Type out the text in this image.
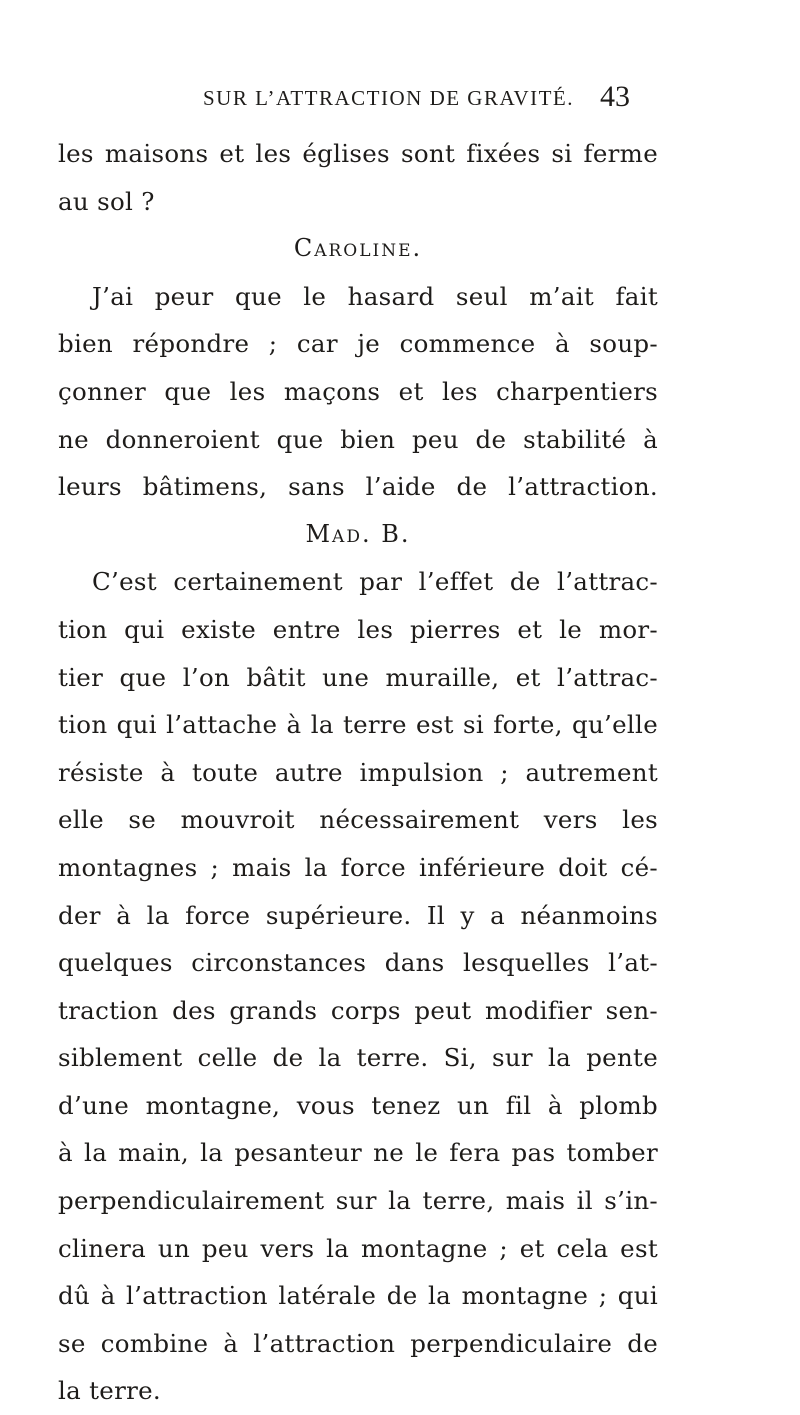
SUR L’ATTRACTION DE GRAVITÉ. 43
les maisons et les églises sont fixées si ferme
au sol ?
Caroline.
J’ai peur que le hasard seul m’ait fait
bien répondre ; car je commence à soup-
çonner que les maçons et les charpentiers
ne donneroient que bien peu de stabilité à
leurs bâtimens, sans l’aide de l’attraction.
Mad. B.
C’est certainement par l’effet de l’attrac-
tion qui existe entre les pierres et le mor-
tier que l’on bâtit une muraille, et l’attrac-
tion qui l’attache à la terre est si forte, qu’elle
résiste à toute autre impulsion ; autrement
elle se mouvroit nécessairement vers les
montagnes ; mais la force inférieure doit cé-
der à la force supérieure. Il y a néanmoins
quelques circonstances dans lesquelles l’at-
traction des grands corps peut modifier sen-
siblement celle de la terre. Si, sur la pente
d’une montagne, vous tenez un fil à plomb
à la main, la pesanteur ne le fera pas tomber
perpendiculairement sur la terre, mais il s’in-
clinera un peu vers la montagne ; et cela est
dû à l’attraction latérale de la montagne ; qui
se combine à l’attraction perpendiculaire de
la terre.
